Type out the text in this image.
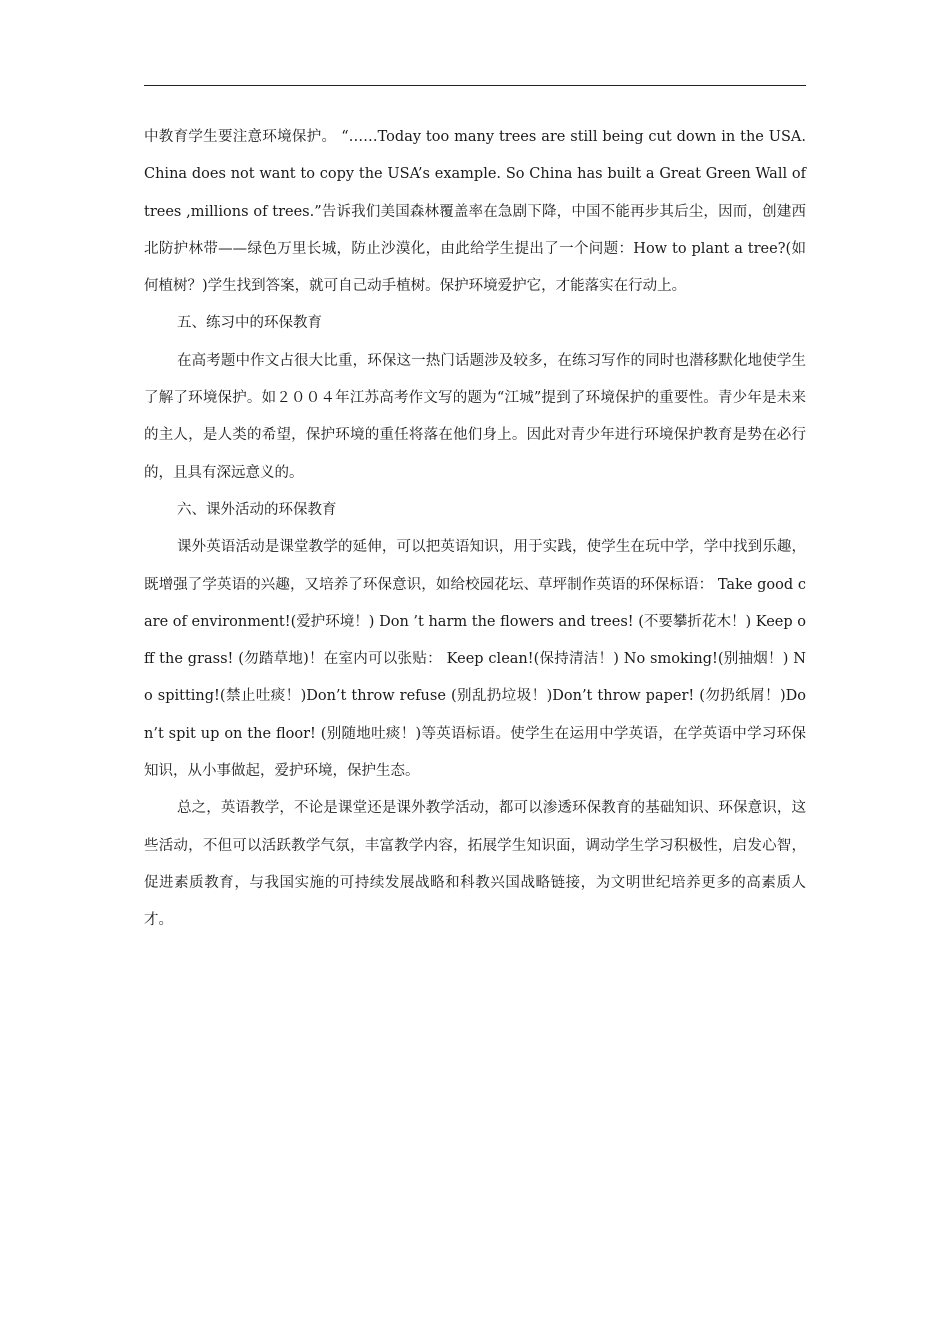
中教育学生要注意环境保护。 “……Today too many trees are still being cut down in the USA. China does not want to copy the USA’s example. So China has built a Great Green Wall of trees ,millions of trees.”告诉我们美国森林覆盖率在急剧下降，中国不能再步其后尘，因而，创建西北防护林带——绿色万里长城，防止沙漠化，由此给学生提出了一个问题：How to plant a tree?(如何植树？)学生找到答案，就可自己动手植树。保护环境爱护它，才能落实在行动上。

五、练习中的环保教育

在高考题中作文占很大比重，环保这一热门话题涉及较多，在练习写作的同时也潜移默化地使学生了解了环境保护。如２００４年江苏高考作文写的题为“江城”提到了环境保护的重要性。青少年是未来的主人，是人类的希望，保护环境的重任将落在他们身上。因此对青少年进行环境保护教育是势在必行的，且具有深远意义的。

六、课外活动的环保教育

课外英语活动是课堂教学的延伸，可以把英语知识，用于实践，使学生在玩中学，学中找到乐趣，既增强了学英语的兴趣，又培养了环保意识，如给校园花坛、草坪制作英语的环保标语： Take good care of environment!(爱护环境！) Don ’t harm the flowers and trees! (不要攀折花木！) Keep off the grass! (勿踏草地)！在室内可以张贴： Keep clean!(保持清洁！) No smoking!(别抽烟！) No spitting!(禁止吐痰！)Don’t throw refuse (别乱扔垃圾！)Don’t throw paper! (勿扔纸屑！)Don’t spit up on the floor! (别随地吐痰！)等英语标语。使学生在运用中学英语，在学英语中学习环保知识，从小事做起，爱护环境，保护生态。

总之，英语教学，不论是课堂还是课外教学活动，都可以渗透环保教育的基础知识、环保意识，这些活动，不但可以活跃教学气氛，丰富教学内容，拓展学生知识面，调动学生学习积极性，启发心智，促进素质教育，与我国实施的可持续发展战略和科教兴国战略链接，为文明世纪培养更多的高素质人才。
